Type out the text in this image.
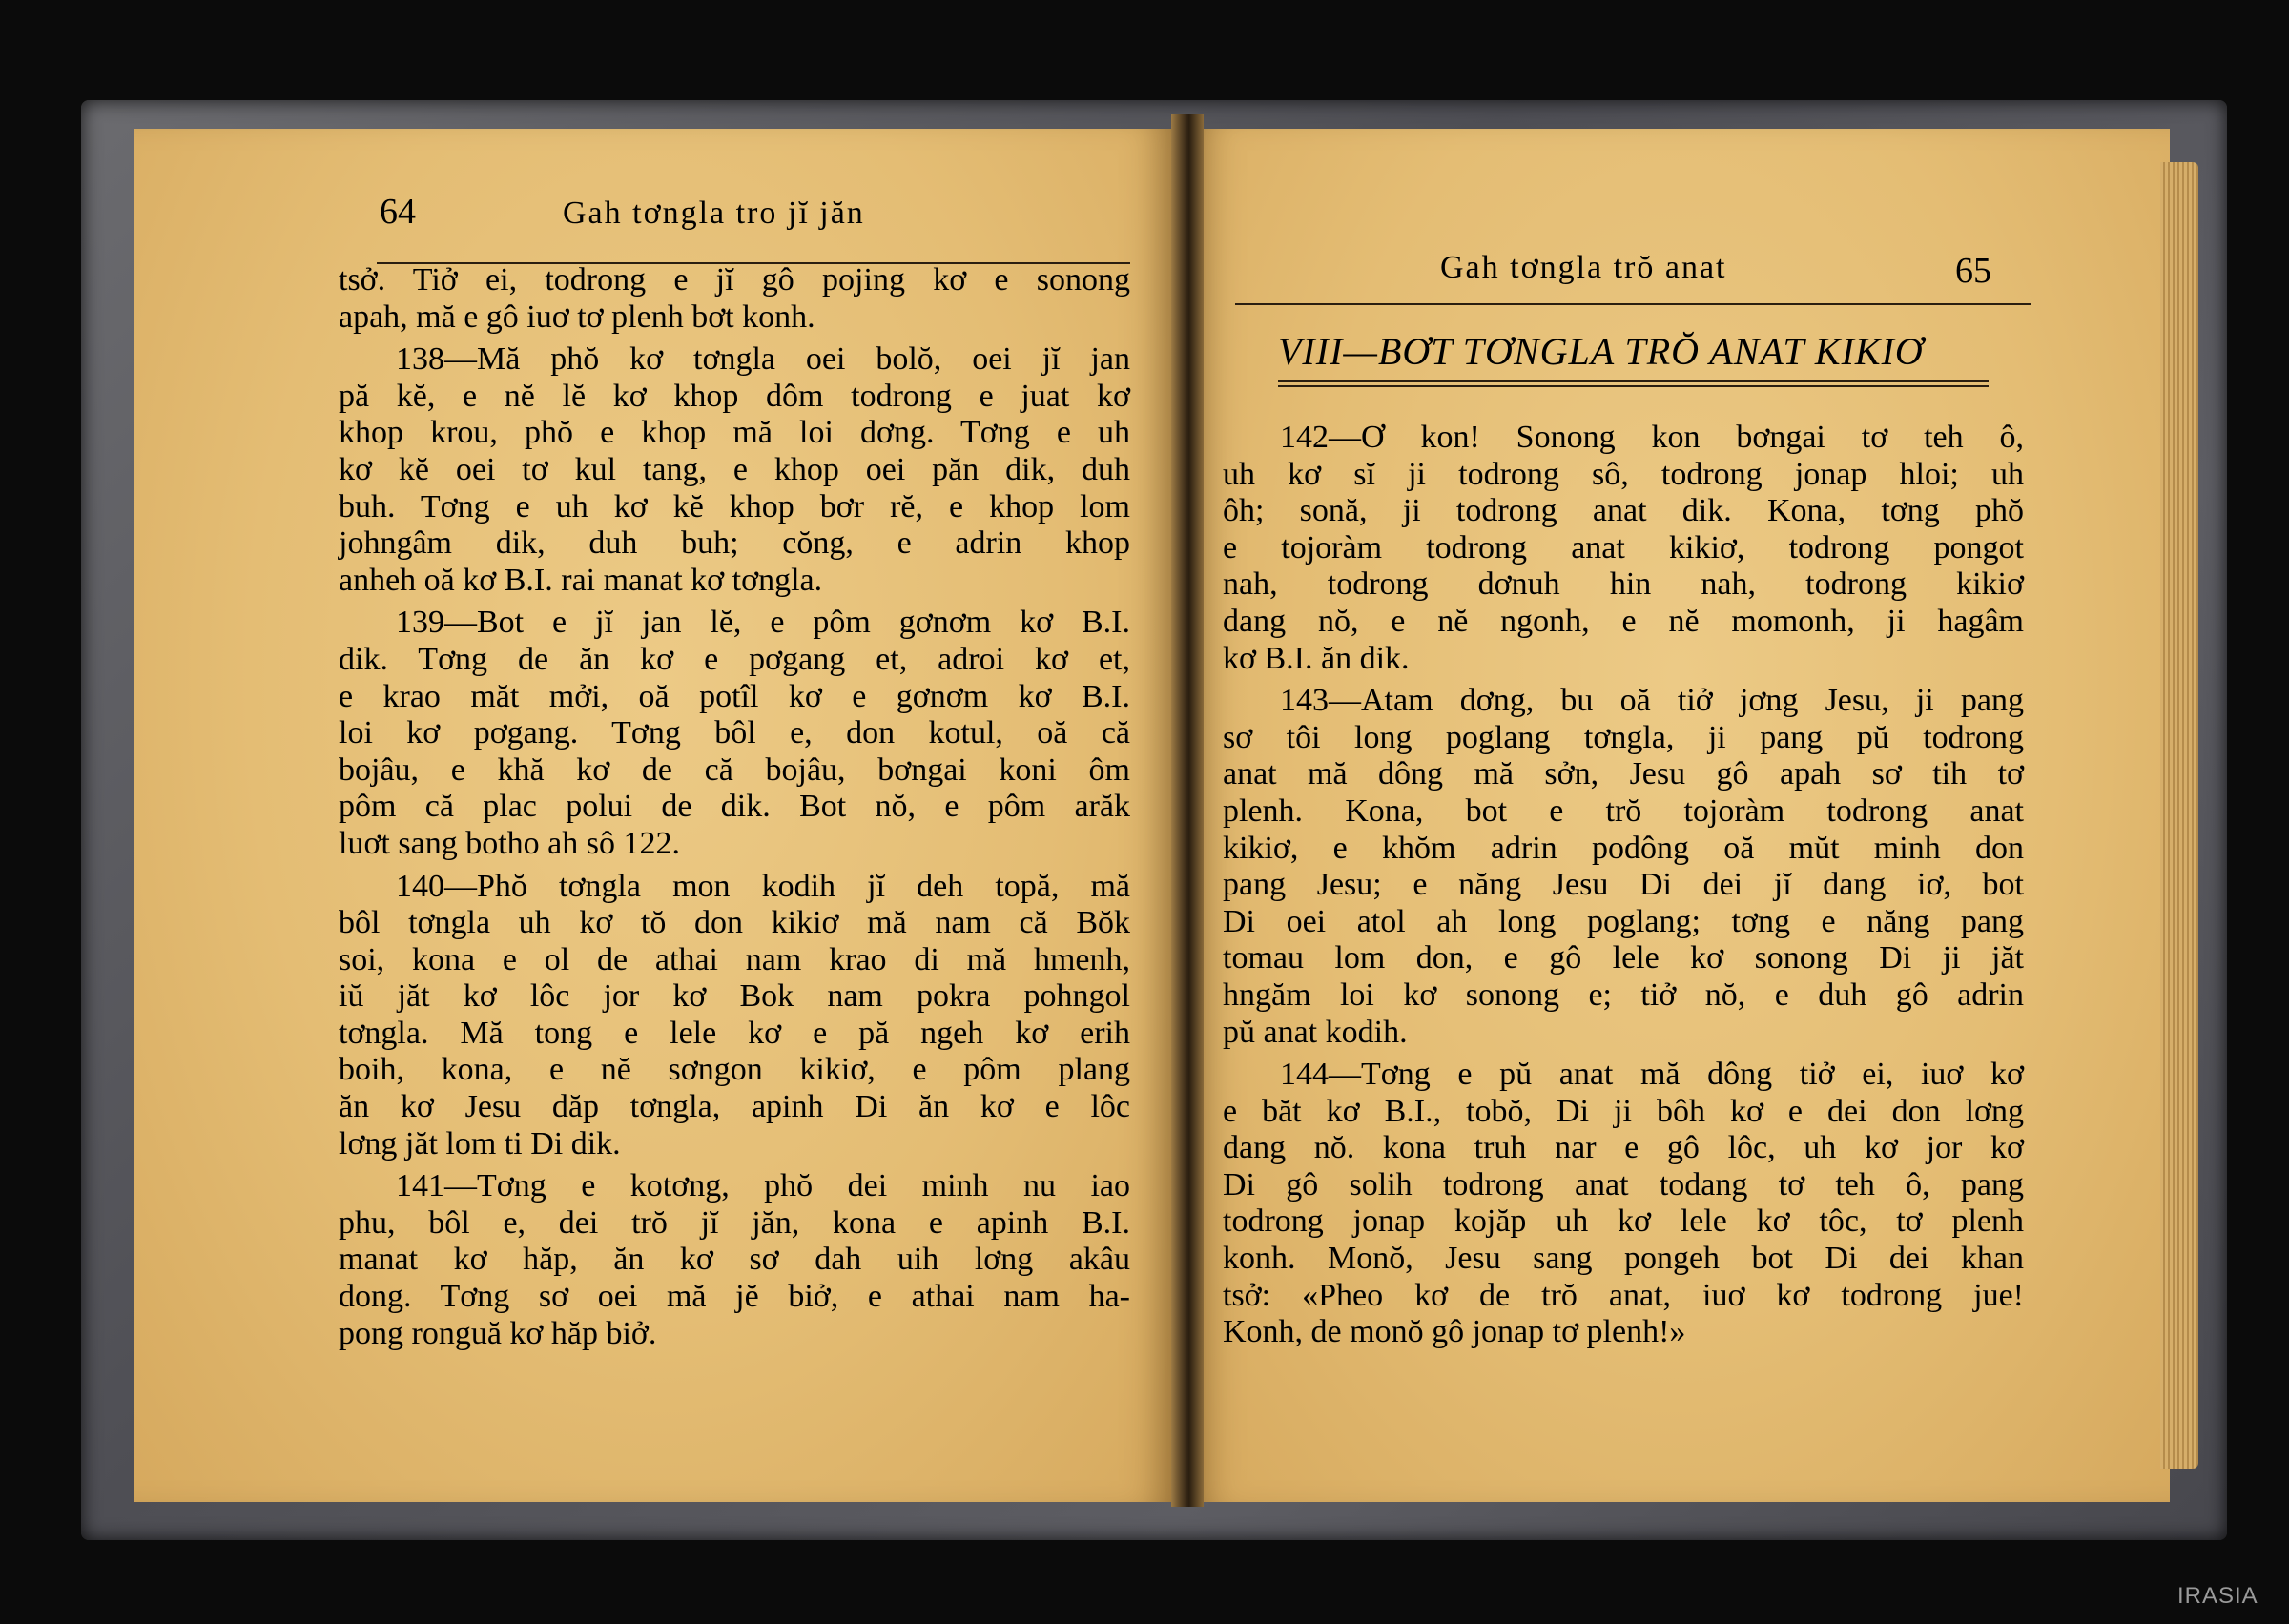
64	Gah tơngla tro jĭ jăn
tsở. Tiở ei, todrong e jĭ gô pojing kơ e sonong
apah, mă e gô iuơ tơ plenh bơt konh.
138—Mă phŏ kơ tơngla oei bolŏ, oei jĭ jan
pă kĕ, e nĕ lĕ kơ khop dôm todrong e juat kơ
khop krou, phŏ e khop mă loi dơng. Tơng e uh
kơ kĕ oei tơ kul tang, e khop oei păn dik, duh
buh. Tơng e uh kơ kĕ khop bơr rĕ, e khop lom
johngâm dik, duh buh; cŏng, e adrin khop
anheh oă kơ B.I. rai manat kơ tơngla.
139—Bot e jĭ jan lĕ, e pôm gơnơm kơ B.I.
dik. Tơng de ăn kơ e pơgang et, adroi kơ et,
e krao măt mởi, oă potîl kơ e gơnơm kơ B.I.
loi kơ pơgang. Tơng bôl e, don kotul, oă că
bojâu, e khă kơ de că bojâu, bơngai koni ôm
pôm că plac polui de dik. Bot nŏ, e pôm arăk
luơt sang botho ah sô 122.
140—Phŏ tơngla mon kodih jĭ deh topă, mă
bôl tơngla uh kơ tŏ don kikiơ mă nam că Bŏk
soi, kona e ol de athai nam krao di mă hmenh,
iŭ jăt kơ lôc jor kơ Bok nam pokra pohngol
tơngla. Mă tong e lele kơ e pă ngeh kơ erih
boih, kona, e nĕ sơngon kikiơ, e pôm plang
ăn kơ Jesu dăp tơngla, apinh Di ăn kơ e lôc
lơng jăt lom ti Di dik.
141—Tơng e kotơng, phŏ dei minh nu iao
phu, bôl e, dei trŏ jĭ jăn, kona e apinh B.I.
manat kơ hăp, ăn kơ sơ dah uih lơng akâu
dong. Tơng sơ oei mă jĕ biở, e athai nam ha-
pong ronguă kơ hăp biở.
Gah tơngla trŏ anat	65
VIII—BƠT TƠNGLA TRŎ ANAT KIKIƠ
142—Ơ kon! Sonong kon bơngai tơ teh ô,
uh kơ sĭ ji todrong sô, todrong jonap hloi; uh
ôh; sonă, ji todrong anat dik. Kona, tơng phŏ
e tojoràm todrong anat kikiơ, todrong pongot
nah, todrong dơnuh hin nah, todrong kikiơ
dang nŏ, e nĕ ngonh, e nĕ momonh, ji hagâm
kơ B.I. ăn dik.
143—Atam dơng, bu oă tiở jơng Jesu, ji pang
sơ tôi long poglang tơngla, ji pang pŭ todrong
anat mă dông mă sởn, Jesu gô apah sơ tih tơ
plenh. Kona, bot e trŏ tojoràm todrong anat
kikiơ, e khŏm adrin podông oă mŭt minh don
pang Jesu; e năng Jesu Di dei jĭ dang iơ, bot
Di oei atol ah long poglang; tơng e năng pang
tomau lom don, e gô lele kơ sonong Di ji jăt
hngăm loi kơ sonong e; tiở nŏ, e duh gô adrin
pŭ anat kodih.
144—Tơng e pŭ anat mă dông tiở ei, iuơ kơ
e băt kơ B.I., tobŏ, Di ji bôh kơ e dei don lơng
dang nŏ. kona truh nar e gô lôc, uh kơ jor kơ
Di gô solih todrong anat todang tơ teh ô, pang
todrong jonap kojăp uh kơ lele kơ tôc, tơ plenh
konh. Monŏ, Jesu sang pongeh bot Di dei khan
tsở: «Pheo kơ de trŏ anat, iuơ kơ todrong jue!
Konh, de monŏ gô jonap tơ plenh!»
IRASIA
